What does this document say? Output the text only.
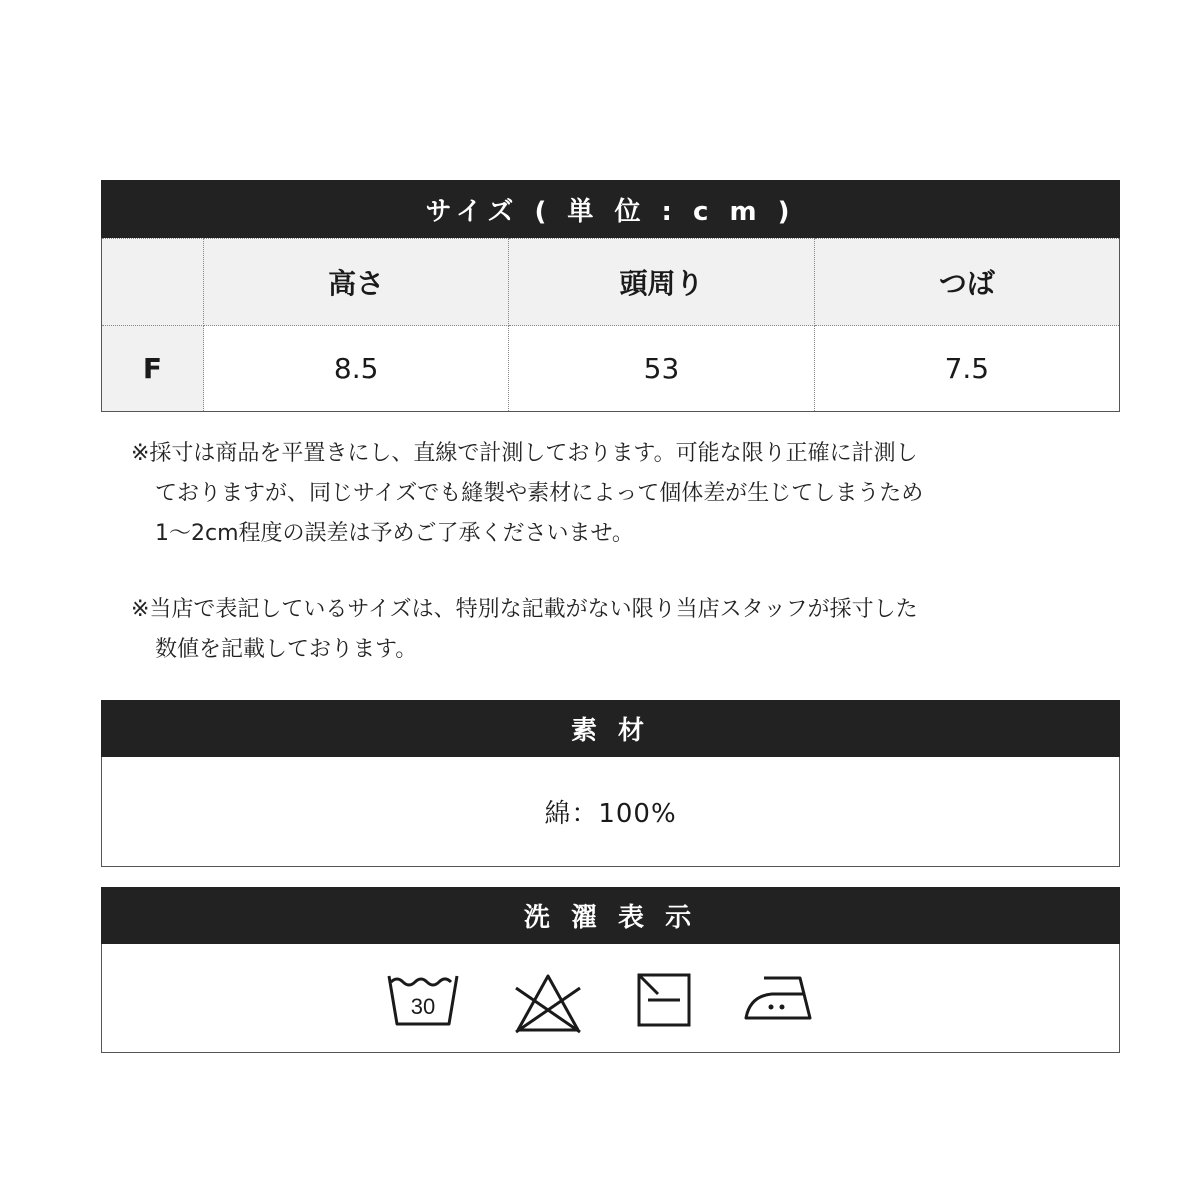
サイズ ( 単 位 : c m )
	高さ	頭周り	つば
F	8.5	53	7.5

※採寸は商品を平置きにし、直線で計測しております。可能な限り正確に計測し

ておりますが、同じサイズでも縫製や素材によって個体差が生じてしまうため

1～2cm程度の誤差は予めご了承くださいませ。

※当店で表記しているサイズは、特別な記載がない限り当店スタッフが採寸した

数値を記載しております。

素 材
綿：100%
洗 濯 表 示
30
